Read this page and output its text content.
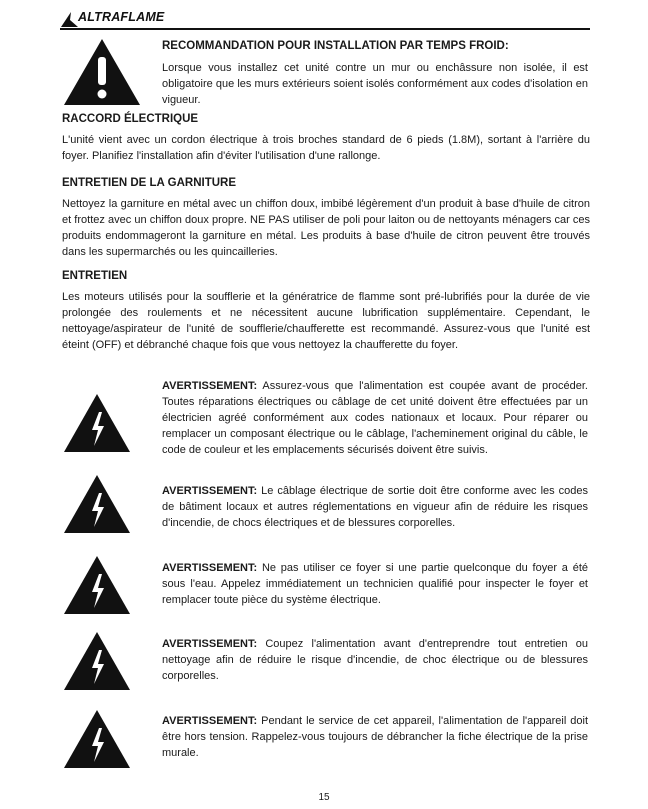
ALTRAFLAME
RECOMMANDATION POUR INSTALLATION PAR TEMPS FROID:

Lorsque vous installez cet unité contre un mur ou enchâssure non isolée, il est obligatoire que les murs extérieurs soient isolés conformément aux codes d'isolation en vigueur.

RACCORD ÉLECTRIQUE

L'unité vient avec un cordon électrique à trois broches standard de 6 pieds (1.8M), sortant à l'arrière du foyer. Planifiez l'installation afin d'éviter l'utilisation d'une rallonge.

ENTRETIEN DE LA GARNITURE

Nettoyez la garniture en métal avec un chiffon doux, imbibé légèrement d'un produit à base d'huile de citron et frottez avec un chiffon doux propre. NE PAS utiliser de poli pour laiton ou de nettoyants ménagers car ces produits endommageront la garniture en métal. Les produits à base d'huile de citron peuvent être trouvés dans les supermarchés ou les quincailleries.

ENTRETIEN

Les moteurs utilisés pour la soufflerie et la génératrice de flamme sont pré-lubrifiés pour la durée de vie prolongée des roulements et ne nécessitent aucune lubrification supplémentaire. Cependant, le nettoyage/aspirateur de l'unité de soufflerie/chaufferette est recommandé. Assurez-vous que l'unité est éteint (OFF) et débranché chaque fois que vous nettoyez la chaufferette du foyer.

AVERTISSEMENT: Assurez-vous que l'alimentation est coupée avant de procéder. Toutes réparations électriques ou câblage de cet unité doivent être effectuées par un électricien agréé conformément aux codes nationaux et locaux. Pour réparer ou remplacer un composant électrique ou le câblage, l'acheminement original du câble, le code de couleur et les emplacements sécurisés doivent être suivis.

AVERTISSEMENT: Le câblage électrique de sortie doit être conforme avec les codes de bâtiment locaux et autres réglementations en vigueur afin de réduire les risques d'incendie, de chocs électriques et de blessures corporelles.

AVERTISSEMENT: Ne pas utiliser ce foyer si une partie quelconque du foyer a été sous l'eau. Appelez immédiatement un technicien qualifié pour inspecter le foyer et remplacer toute pièce du système électrique.

AVERTISSEMENT: Coupez l'alimentation avant d'entreprendre tout entretien ou nettoyage afin de réduire le risque d'incendie, de choc électrique ou de blessures corporelles.

AVERTISSEMENT: Pendant le service de cet appareil, l'alimentation de l'appareil doit être hors tension. Rappelez-vous toujours de débrancher la fiche électrique de la prise murale.

15
